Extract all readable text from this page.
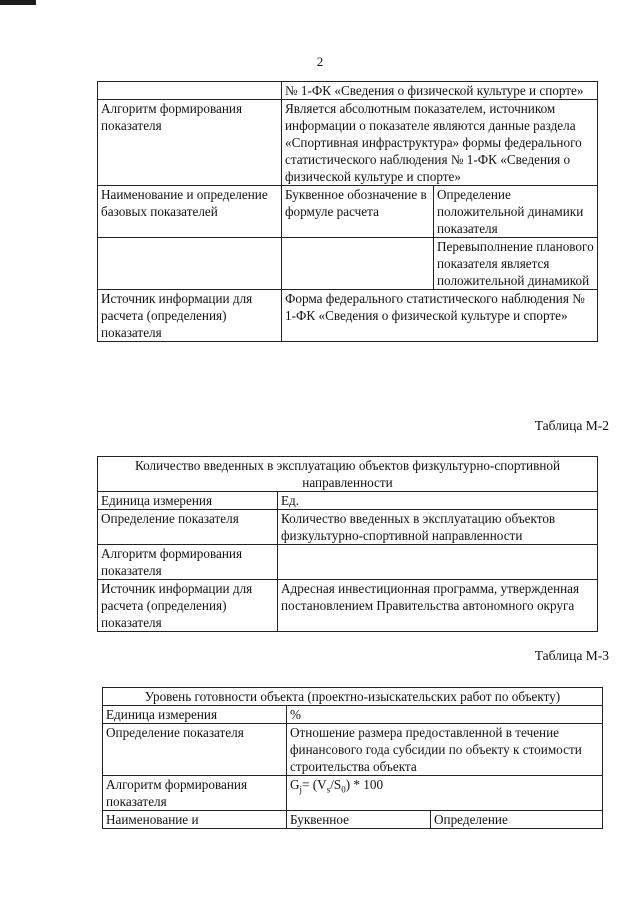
2
	№ 1-ФК «Сведения о физической культуре и спорте»	
Алгоритм формирования показателя	Является абсолютным показателем, источником информации о показателе являются данные раздела «Спортивная инфраструктура» формы федерального статистического наблюдения № 1-ФК «Сведения о физической культуре и спорте»	
Наименование и определение базовых показателей	Буквенное обозначение в формуле расчета	Определение положительной динамики показателя
		Перевыполнение планового показателя является положительной динамикой
Источник информации для расчета (определения) показателя	Форма федерального статистического наблюдения № 1-ФК «Сведения о физической культуре и спорте»	
Таблица М-2
Количество введенных в эксплуатацию объектов физкультурно-спортивной направленности	
Единица измерения	Ед.
Определение показателя	Количество введенных в эксплуатацию объектов физкультурно-спортивной направленности
Алгоритм формирования показателя	
Источник информации для расчета (определения) показателя	Адресная инвестиционная программа, утвержденная постановлением Правительства автономного округа
Таблица М-3
Уровень готовности объекта (проектно-изыскательских работ по объекту)		
Единица измерения	%	
Определение показателя	Отношение размера предоставленной в течение финансового года субсидии по объекту к стоимости строительства объекта	
Алгоритм формирования показателя	$G_j= (V_s/S_0) * 100$	
Наименование и	Буквенное	Определение
